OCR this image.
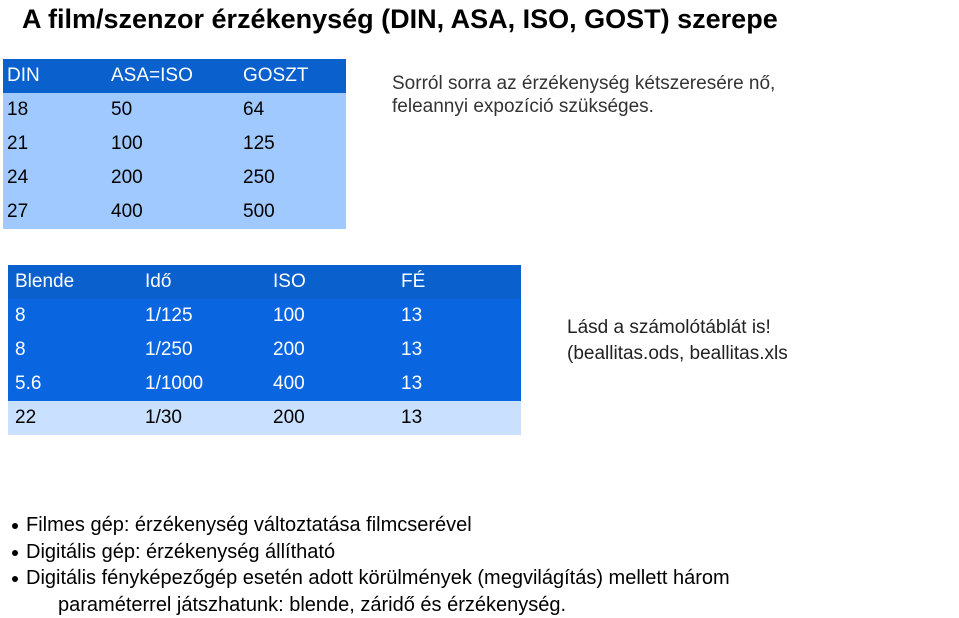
A film/szenzor érzékenység (DIN, ASA, ISO, GOST) szerepe
DIN	ASA=ISO	GOSZT
18	50	64
21	100	125
24	200	250
27	400	500
Sorról sorra az érzékenység kétszeresére nő,
feleannyi expozíció szükséges.
Blende	Idő	ISO	FÉ
8	1/125	100	13
8	1/250	200	13
5.6	1/1000	400	13
22	1/30	200	13
Lásd a számolótáblát is!
(beallitas.ods, beallitas.xls
Filmes gép: érzékenység változtatása filmcserével
Digitális gép: érzékenység állítható
Digitális fényképezőgép esetén adott körülmények (megvilágítás) mellett három
paraméterrel játszhatunk: blende, záridő és érzékenység.
